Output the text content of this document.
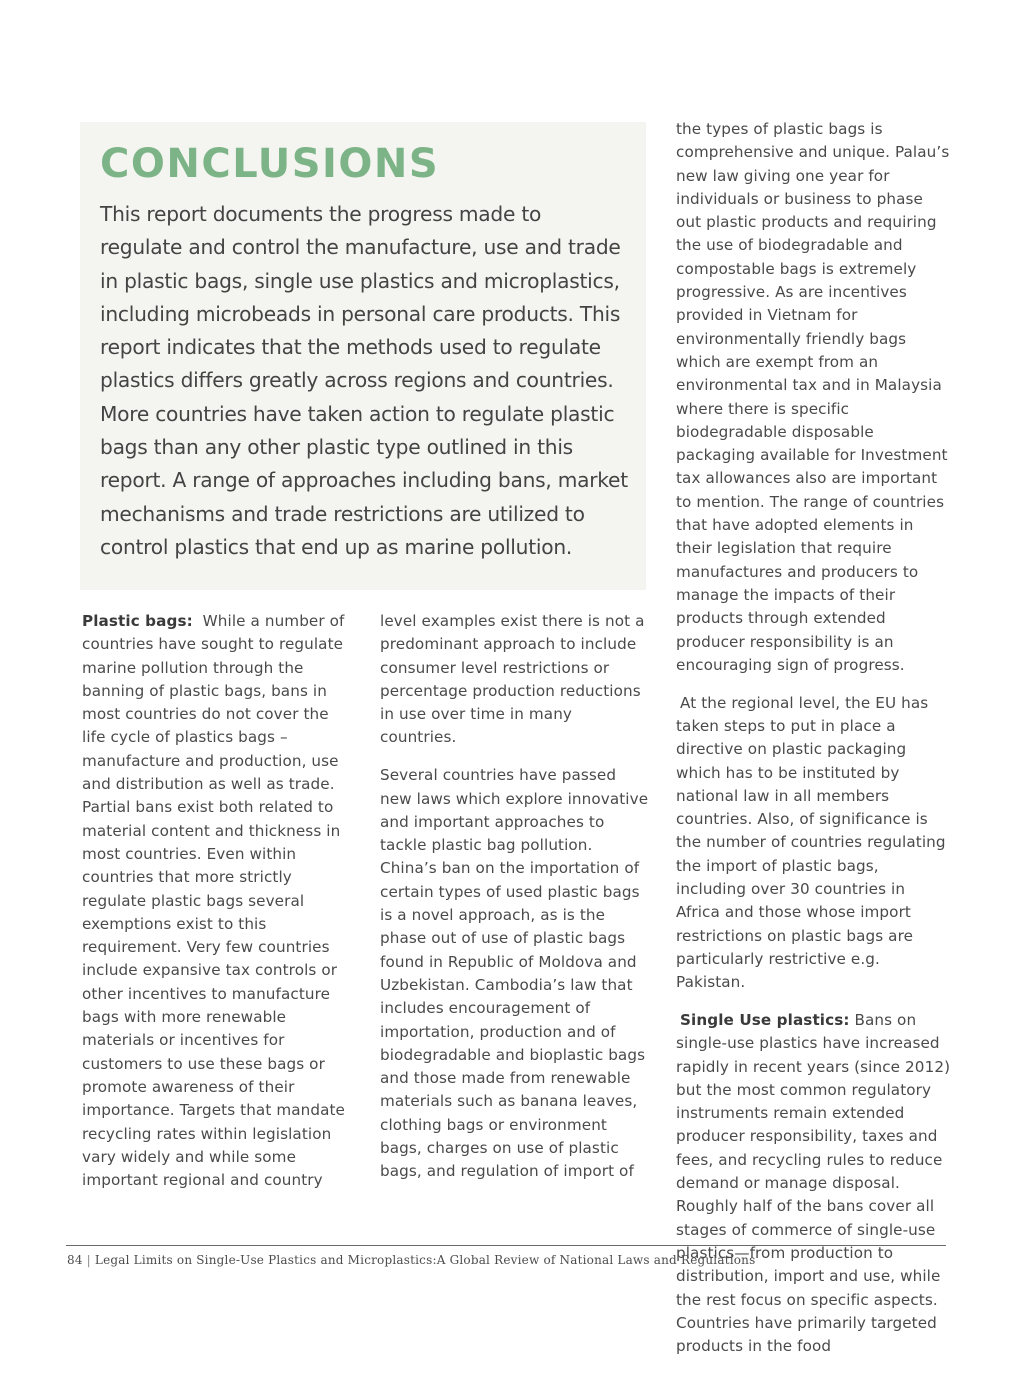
CONCLUSIONS

This report documents the progress made to regulate and control the manufacture, use and trade in plastic bags, single use plastics and microplastics, including microbeads in personal care products. This report indicates that the methods used to regulate plastics differs greatly across regions and countries. More countries have taken action to regulate plastic bags than any other plastic type outlined in this report. A range of approaches including bans, market mechanisms and trade restrictions are utilized to control plastics that end up as marine pollution.

Plastic bags: While a number of countries have sought to regulate marine pollution through the banning of plastic bags, bans in most countries do not cover the life cycle of plastics bags – manufacture and production, use and distribution as well as trade. Partial bans exist both related to material content and thickness in most countries. Even within countries that more strictly regulate plastic bags several exemptions exist to this requirement. Very few countries include expansive tax controls or other incentives to manufacture bags with more renewable materials or incentives for customers to use these bags or promote awareness of their importance. Targets that mandate recycling rates within legislation vary widely and while some important regional and country

level examples exist there is not a predominant approach to include consumer level restrictions or percentage production reductions in use over time in many countries.

Several countries have passed new laws which explore innovative and important approaches to tackle plastic bag pollution. China’s ban on the importation of certain types of used plastic bags is a novel approach, as is the phase out of use of plastic bags found in Republic of Moldova and Uzbekistan. Cambodia’s law that includes encouragement of importation, production and of biodegradable and bioplastic bags and those made from renewable materials such as banana leaves, clothing bags or environment bags, charges on use of plastic bags, and regulation of import of

the types of plastic bags is comprehensive and unique. Palau’s new law giving one year for individuals or business to phase out plastic products and requiring the use of biodegradable and compostable bags is extremely progressive. As are incentives provided in Vietnam for environmentally friendly bags which are exempt from an environmental tax and in Malaysia where there is specific biodegradable disposable packaging available for Investment tax allowances also are important to mention. The range of countries that have adopted elements in their legislation that require manufactures and producers to manage the impacts of their products through extended producer responsibility is an encouraging sign of progress.

At the regional level, the EU has taken steps to put in place a directive on plastic packaging which has to be instituted by national law in all members countries. Also, of significance is the number of countries regulating the import of plastic bags, including over 30 countries in Africa and those whose import restrictions on plastic bags are particularly restrictive e.g. Pakistan.

Single Use plastics: Bans on single-use plastics have increased rapidly in recent years (since 2012) but the most common regulatory instruments remain extended producer responsibility, taxes and fees, and recycling rules to reduce demand or manage disposal. Roughly half of the bans cover all stages of commerce of single-use plastics—from production to distribution, import and use, while the rest focus on specific aspects. Countries have primarily targeted products in the food

84 | Legal Limits on Single-Use Plastics and Microplastics:A Global Review of National Laws and Regulations
